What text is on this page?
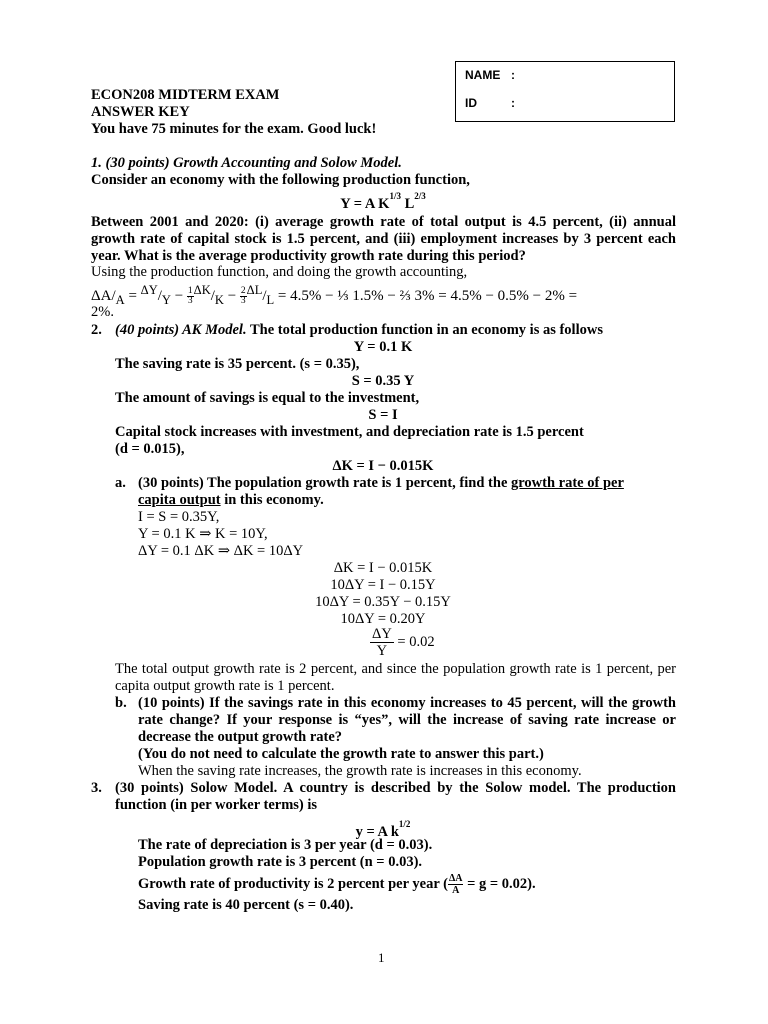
NAME :
ID	:
ECON208 MIDTERM EXAM
ANSWER KEY
You have 75 minutes for the exam. Good luck!
1. (30 points) Growth Accounting and Solow Model.
Consider an economy with the following production function,
Y = A $K^{1/3}$ $L^{2/3}$
Between 2001 and 2020: (i) average growth rate of total output is 4.5 percent, (ii) annual growth rate of capital stock is 1.5 percent, and (iii) employment increases by 3 percent each year. What is the average productivity growth rate during this period?
Using the production function, and doing the growth accounting,
$\Delta A/_A = ^{\Delta Y}/_Y - \frac{1}{3} ^{\Delta K}/_K - \frac{2}{3} ^{\Delta L}/_L = 4.5\%$ − ⅓ 1.5% − ⅔ 3% = 4.5% − 0.5% − 2% =
2%.
2. (40 points) AK Model. The total production function in an economy is as follows
Y = 0.1 K
The saving rate is 35 percent. (s = 0.35),
S = 0.35 Y
The amount of savings is equal to the investment,
S = I
Capital stock increases with investment, and depreciation rate is 1.5 percent
(d = 0.015),
ΔK = I − 0.015K
a. (30 points) The population growth rate is 1 percent, find the growth rate of per
capita output in this economy.
I = S = 0.35Y,
Y = 0.1 K ⇒ K = 10Y,
ΔY = 0.1 ΔK ⇒ ΔK = 10ΔY
ΔK = I − 0.015K
10ΔY = I − 0.15Y
10ΔY = 0.35Y − 0.15Y
10ΔY = 0.20Y
$\frac{\Delta Y}{Y} = 0.02$
The total output growth rate is 2 percent, and since the population growth rate is 1 percent, per capita output growth rate is 1 percent.
b. (10 points) If the savings rate in this economy increases to 45 percent, will the growth rate change? If your response is “yes”, will the increase of saving rate increase or decrease the output growth rate?
(You do not need to calculate the growth rate to answer this part.)
When the saving rate increases, the growth rate is increases in this economy.
3. (30 points) Solow Model. A country is described by the Solow model. The production function (in per worker terms) is
y = A $k^{1/2}$
The rate of depreciation is 3 per year (d = 0.03).
Population growth rate is 3 percent (n = 0.03).
Growth rate of productivity is 2 percent per year ( $\frac{\Delta A}{A} = g = 0.02$).
Saving rate is 40 percent (s = 0.40).
1
